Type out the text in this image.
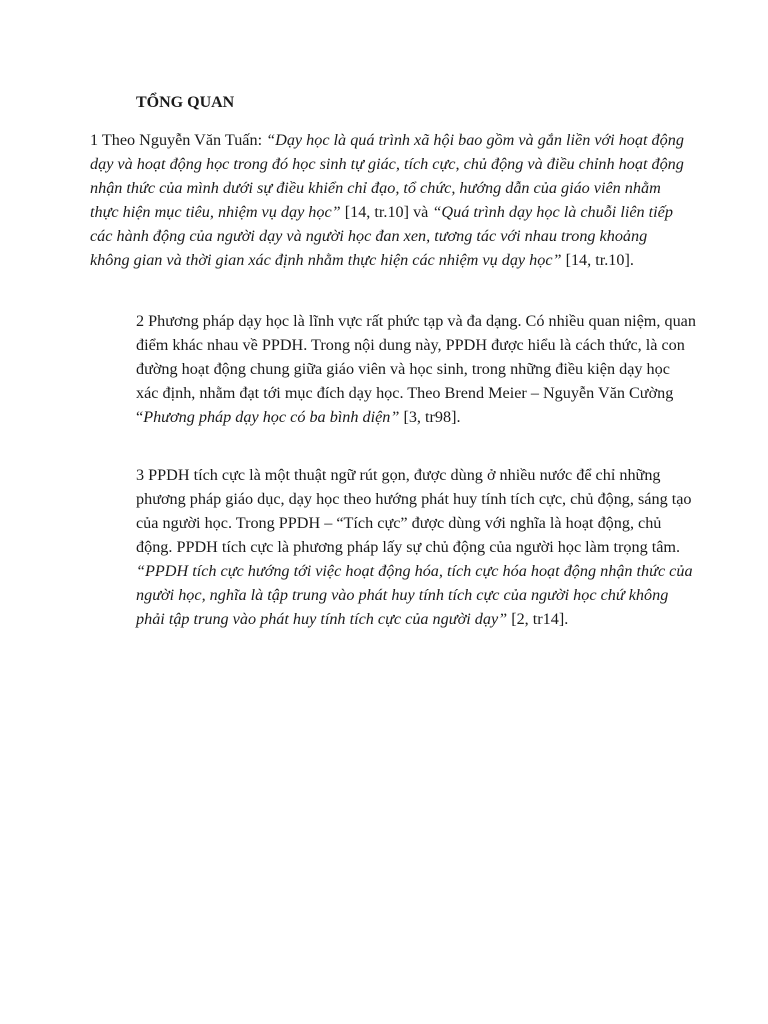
TỔNG QUAN

1 Theo Nguyễn Văn Tuấn: “Dạy học là quá trình xã hội bao gồm và gắn liền với hoạt động dạy và hoạt động học trong đó học sinh tự giác, tích cực, chủ động và điều chỉnh hoạt động nhận thức của mình dưới sự điều khiển chỉ đạo, tổ chức, hướng dẫn của giáo viên nhằm thực hiện mục tiêu, nhiệm vụ dạy học” [14, tr.10] và “Quá trình dạy học là chuỗi liên tiếp các hành động của người dạy và người học đan xen, tương tác với nhau trong khoảng không gian và thời gian xác định nhằm thực hiện các nhiệm vụ dạy học” [14, tr.10].

2 Phương pháp dạy học là lĩnh vực rất phức tạp và đa dạng. Có nhiều quan niệm, quan điểm khác nhau về PPDH. Trong nội dung này, PPDH được hiểu là cách thức, là con đường hoạt động chung giữa giáo viên và học sinh, trong những điều kiện dạy học xác định, nhằm đạt tới mục đích dạy học. Theo Brend Meier – Nguyễn Văn Cường “Phương pháp dạy học có ba bình diện” [3, tr98].

3 PPDH tích cực là một thuật ngữ rút gọn, được dùng ở nhiều nước để chỉ những phương pháp giáo dục, dạy học theo hướng phát huy tính tích cực, chủ động, sáng tạo của người học. Trong PPDH – “Tích cực” được dùng với nghĩa là hoạt động, chủ động. PPDH tích cực là phương pháp lấy sự chủ động của người học làm trọng tâm. “PPDH tích cực hướng tới việc hoạt động hóa, tích cực hóa hoạt động nhận thức của người học, nghĩa là tập trung vào phát huy tính tích cực của người học chứ không phải tập trung vào phát huy tính tích cực của người dạy” [2, tr14].
